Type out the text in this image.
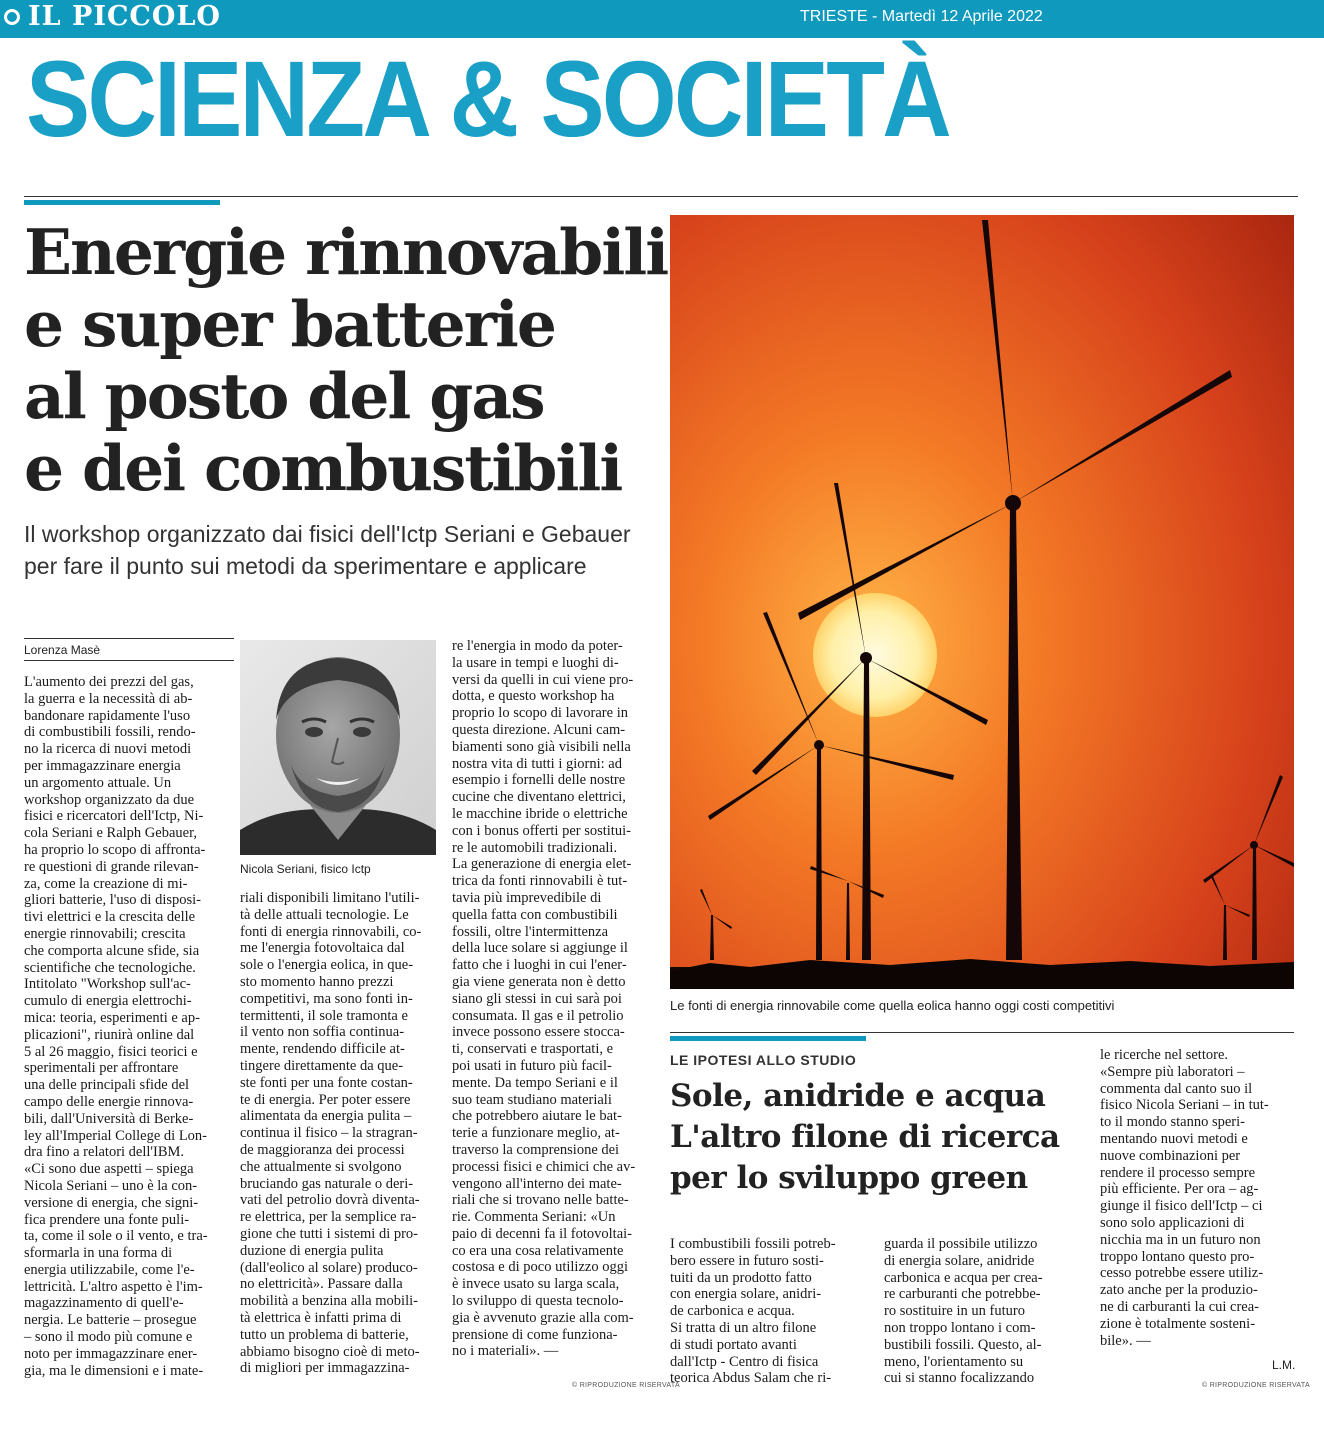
IL PICCOLO	TRIESTE - Martedì 12 Aprile 2022
SCIENZA & SOCIETÀ
Energie rinnovabili
e super batterie
al posto del gas
e dei combustibili
Il workshop organizzato dai fisici dell'Ictp Seriani e Gebauer
per fare il punto sui metodi da sperimentare e applicare
Lorenza Masè
L'aumento dei prezzi del gas,
la guerra e la necessità di ab-
bandonare rapidamente l'uso
di combustibili fossili, rendo-
no la ricerca di nuovi metodi
per immagazzinare energia
un argomento attuale. Un
workshop organizzato da due
fisici e ricercatori dell'Ictp, Ni-
cola Seriani e Ralph Gebauer,
ha proprio lo scopo di affronta-
re questioni di grande rilevan-
za, come la creazione di mi-
gliori batterie, l'uso di disposi-
tivi elettrici e la crescita delle
energie rinnovabili; crescita
che comporta alcune sfide, sia
scientifiche che tecnologiche.
Intitolato "Workshop sull'ac-
cumulo di energia elettrochi-
mica: teoria, esperimenti e ap-
plicazioni", riunirà online dal
5 al 26 maggio, fisici teorici e
sperimentali per affrontare
una delle principali sfide del
campo delle energie rinnova-
bili, dall'Università di Berke-
ley all'Imperial College di Lon-
dra fino a relatori dell'IBM.
«Ci sono due aspetti – spiega
Nicola Seriani – uno è la con-
versione di energia, che signi-
fica prendere una fonte puli-
ta, come il sole o il vento, e tra-
sformarla in una forma di
energia utilizzabile, come l'e-
lettricità. L'altro aspetto è l'im-
magazzinamento di quell'e-
nergia. Le batterie – prosegue
– sono il modo più comune e
noto per immagazzinare ener-
gia, ma le dimensioni e i mate-
Nicola Seriani, fisico Ictp
riali disponibili limitano l'utili-
tà delle attuali tecnologie. Le
fonti di energia rinnovabili, co-
me l'energia fotovoltaica dal
sole o l'energia eolica, in que-
sto momento hanno prezzi
competitivi, ma sono fonti in-
termittenti, il sole tramonta e
il vento non soffia continua-
mente, rendendo difficile at-
tingere direttamente da que-
ste fonti per una fonte costan-
te di energia. Per poter essere
alimentata da energia pulita –
continua il fisico – la stragran-
de maggioranza dei processi
che attualmente si svolgono
bruciando gas naturale o deri-
vati del petrolio dovrà diventa-
re elettrica, per la semplice ra-
gione che tutti i sistemi di pro-
duzione di energia pulita
(dall'eolico al solare) produco-
no elettricità». Passare dalla
mobilità a benzina alla mobili-
tà elettrica è infatti prima di
tutto un problema di batterie,
abbiamo bisogno cioè di meto-
di migliori per immagazzina-
re l'energia in modo da poter-
la usare in tempi e luoghi di-
versi da quelli in cui viene pro-
dotta, e questo workshop ha
proprio lo scopo di lavorare in
questa direzione. Alcuni cam-
biamenti sono già visibili nella
nostra vita di tutti i giorni: ad
esempio i fornelli delle nostre
cucine che diventano elettrici,
le macchine ibride o elettriche
con i bonus offerti per sostitui-
re le automobili tradizionali.
La generazione di energia elet-
trica da fonti rinnovabili è tut-
tavia più imprevedibile di
quella fatta con combustibili
fossili, oltre l'intermittenza
della luce solare si aggiunge il
fatto che i luoghi in cui l'ener-
gia viene generata non è detto
siano gli stessi in cui sarà poi
consumata. Il gas e il petrolio
invece possono essere stocca-
ti, conservati e trasportati, e
poi usati in futuro più facil-
mente. Da tempo Seriani e il
suo team studiano materiali
che potrebbero aiutare le bat-
terie a funzionare meglio, at-
traverso la comprensione dei
processi fisici e chimici che av-
vengono all'interno dei mate-
riali che si trovano nelle batte-
rie. Commenta Seriani: «Un
paio di decenni fa il fotovoltai-
co era una cosa relativamente
costosa e di poco utilizzo oggi
è invece usato su larga scala,
lo sviluppo di questa tecnolo-
gia è avvenuto grazie alla com-
prensione di come funziona-
no i materiali». —
© RIPRODUZIONE RISERVATA
Le fonti di energia rinnovabile come quella eolica hanno oggi costi competitivi
LE IPOTESI ALLO STUDIO
Sole, anidride e acqua
L'altro filone di ricerca
per lo sviluppo green
I combustibili fossili potreb-
bero essere in futuro sosti-
tuiti da un prodotto fatto
con energia solare, anidri-
de carbonica e acqua.
Si tratta di un altro filone
di studi portato avanti
dall'Ictp - Centro di fisica
teorica Abdus Salam che ri-
guarda il possibile utilizzo
di energia solare, anidride
carbonica e acqua per crea-
re carburanti che potrebbe-
ro sostituire in un futuro
non troppo lontano i com-
bustibili fossili. Questo, al-
meno, l'orientamento su
cui si stanno focalizzando
le ricerche nel settore.
«Sempre più laboratori –
commenta dal canto suo il
fisico Nicola Seriani – in tut-
to il mondo stanno speri-
mentando nuovi metodi e
nuove combinazioni per
rendere il processo sempre
più efficiente. Per ora – ag-
giunge il fisico dell'Ictp – ci
sono solo applicazioni di
nicchia ma in un futuro non
troppo lontano questo pro-
cesso potrebbe essere utiliz-
zato anche per la produzio-
ne di carburanti la cui crea-
zione è totalmente sosteni-
bile». —
L.M.
© RIPRODUZIONE RISERVATA
